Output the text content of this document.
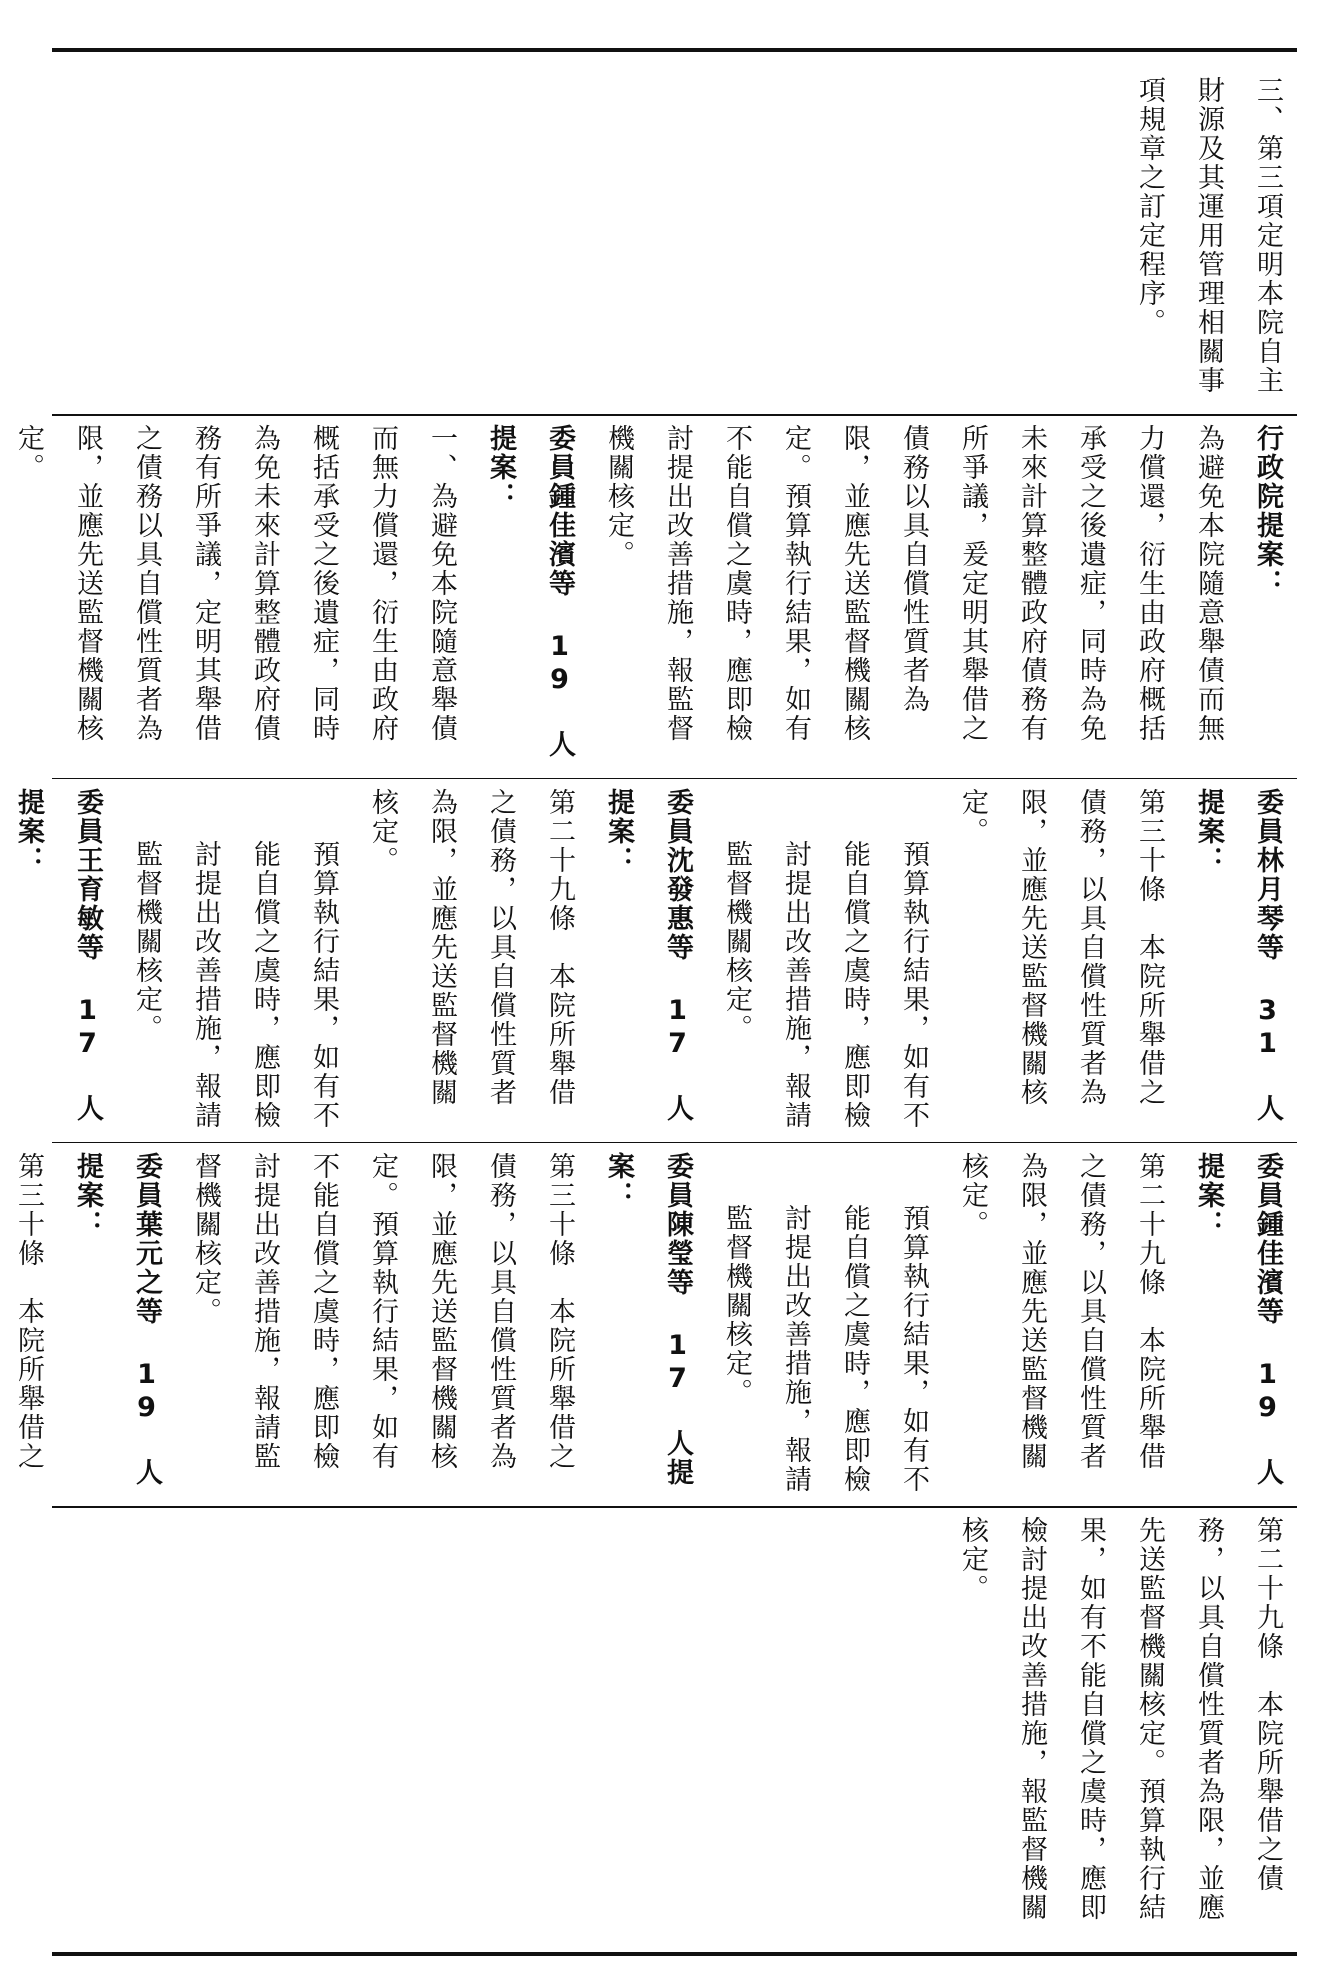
三、第三項定明本院自主財源及其運用管理相關事項規章之訂定程序。

行政院提案：

為避免本院隨意舉債而無力償還，衍生由政府概括承受之後遺症，同時為免未來計算整體政府債務有所爭議，爰定明其舉借之債務以具自償性質者為限，並應先送監督機關核定。預算執行結果，如有不能自償之虞時，應即檢討提出改善措施，報監督機關核定。

委員鍾佳濱等 19 人提案：

一、為避免本院隨意舉債而無力償還，衍生由政府概括承受之後遺症，同時為免未來計算整體政府債務有所爭議，定明其舉借之債務以具自償性質者為限，並應先送監督機關核定。

委員林月琴等 31 人提案：

第三十條　本院所舉借之債務，以具自償性質者為限，並應先送監督機關核定。

預算執行結果，如有不能自償之虞時，應即檢討提出改善措施，報請監督機關核定。

委員沈發惠等 17 人提案：

第二十九條　本院所舉借之債務，以具自償性質者為限，並應先送監督機關核定。

預算執行結果，如有不能自償之虞時，應即檢討提出改善措施，報請監督機關核定。

委員王育敏等 17 人提案：

委員鍾佳濱等 19 人提案：

第二十九條　本院所舉借之債務，以具自償性質者為限，並應先送監督機關核定。

預算執行結果，如有不能自償之虞時，應即檢討提出改善措施，報請監督機關核定。

委員陳瑩等 17 人提案：

第三十條　本院所舉借之債務，以具自償性質者為限，並應先送監督機關核定。預算執行結果，如有不能自償之虞時，應即檢討提出改善措施，報請監督機關核定。

委員葉元之等 19 人提案：

第三十條　本院所舉借之

第二十九條　本院所舉借之債務，以具自償性質者為限，並應先送監督機關核定。預算執行結果，如有不能自償之虞時，應即檢討提出改善措施，報監督機關核定。
